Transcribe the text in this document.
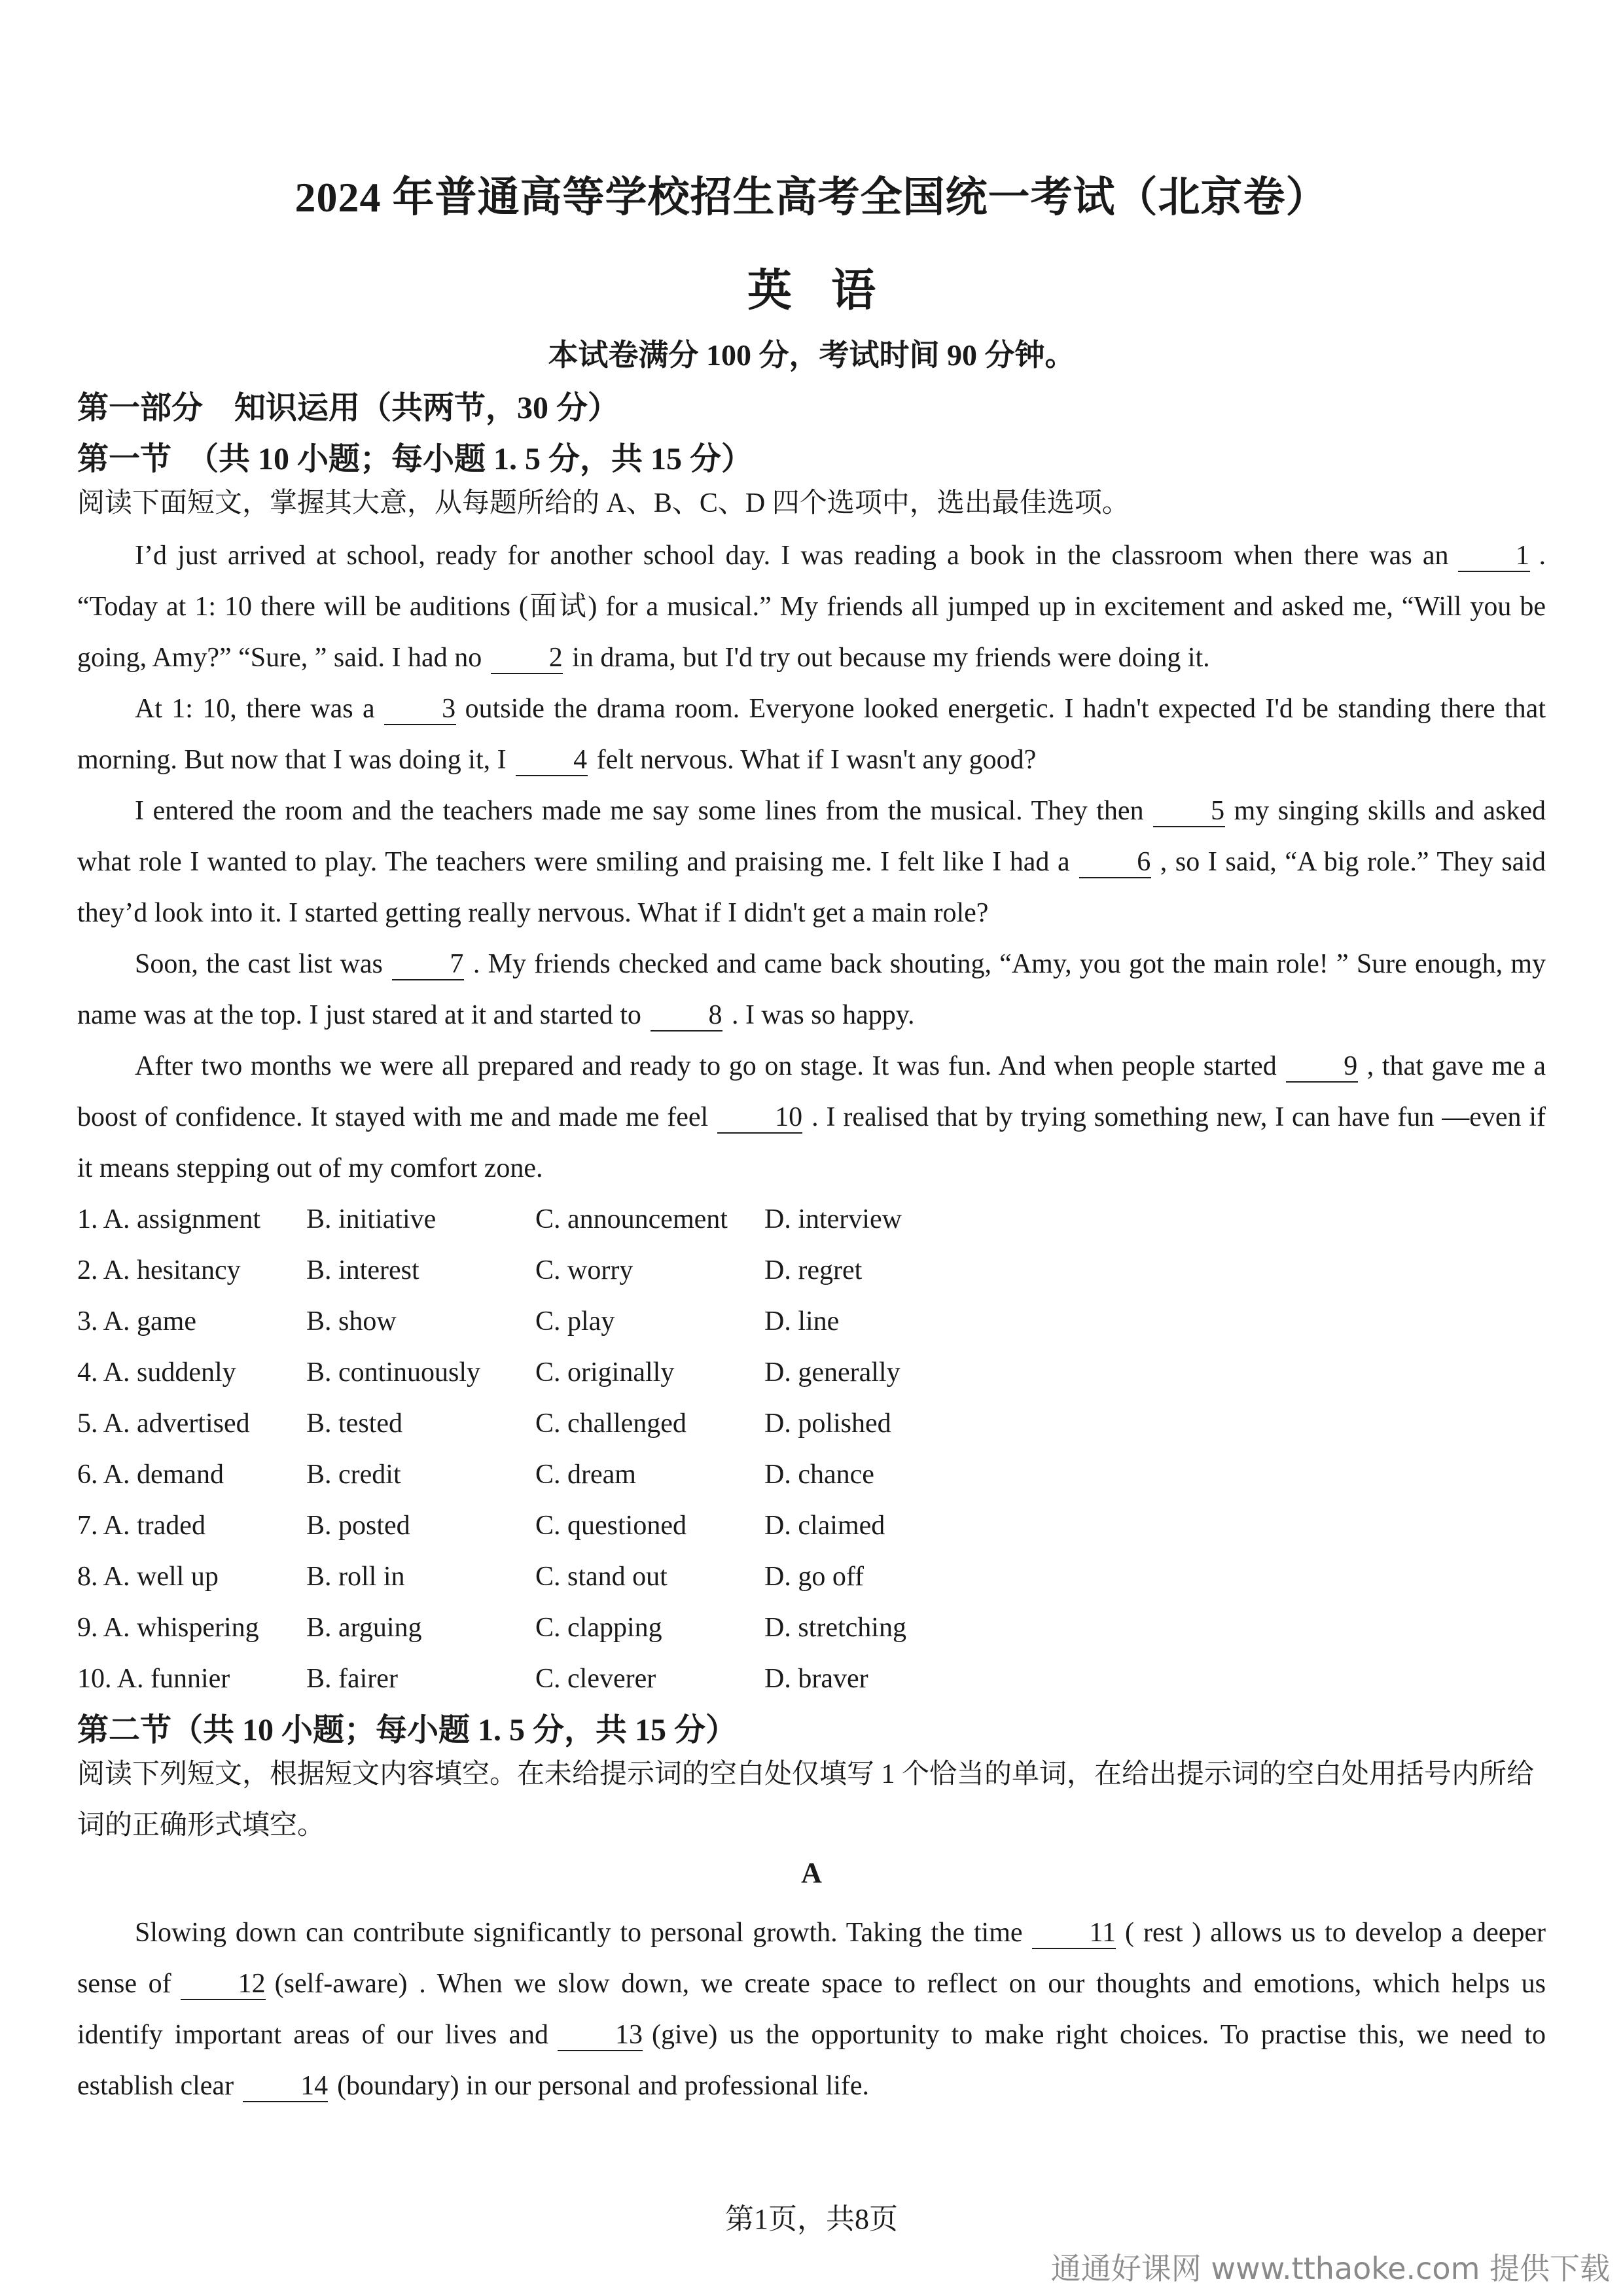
2024 年普通高等学校招生高考全国统一考试（北京卷）
英语
本试卷满分 100 分，考试时间 90 分钟。
第一部分　知识运用（共两节，30 分）
第一节　（共 10 小题；每小题 1. 5 分，共 15 分）
阅读下面短文，掌握其大意，从每题所给的 A、B、C、D 四个选项中，选出最佳选项。
I’d just arrived at school, ready for another school day. I was reading a book in the classroom when there was an 1 . “Today at 1: 10 there will be auditions (面试) for a musical.” My friends all jumped up in excitement and asked me, “Will you be going, Amy?” “Sure, ” said. I had no 2 in drama, but I'd try out because my friends were doing it.
At 1: 10, there was a 3 outside the drama room. Everyone looked energetic. I hadn't expected I'd be standing there that morning. But now that I was doing it, I 4 felt nervous. What if I wasn't any good?
I entered the room and the teachers made me say some lines from the musical. They then 5 my singing skills and asked what role I wanted to play. The teachers were smiling and praising me. I felt like I had a 6 , so I said, “A big role.” They said they’d look into it. I started getting really nervous. What if I didn't get a main role?
Soon, the cast list was 7 . My friends checked and came back shouting, “Amy, you got the main role! ” Sure enough, my name was at the top. I just stared at it and started to 8 . I was so happy.
After two months we were all prepared and ready to go on stage. It was fun. And when people started 9 , that gave me a boost of confidence. It stayed with me and made me feel 10 . I realised that by trying something new, I can have fun —even if it means stepping out of my comfort zone.
1. A. assignment B. initiative	C. announcement D. interview
2. A. hesitancy B. interest	C. worry	D. regret
3. A. game	B. show	C. play	D. line
4. A. suddenly	B. continuously C. originally	D. generally
5. A. advertised B. tested	C. challenged	D. polished
6. A. demand	B. credit	C. dream	D. chance
7. A. traded	B. posted	C. questioned	D. claimed
8. A. well up	B. roll in	C. stand out	D. go off
9. A. whispering B. arguing	C. clapping	D. stretching
10. A. funnier	B. fairer	C. cleverer	D. braver
第二节（共 10 小题；每小题 1. 5 分，共 15 分）
阅读下列短文，根据短文内容填空。在未给提示词的空白处仅填写 1 个恰当的单词，在给出提示词的空白处用括号内所给词的正确形式填空。
A
Slowing down can contribute significantly to personal growth. Taking the time 11 ( rest ) allows us to develop a deeper sense of 12 (self-aware) . When we slow down, we create space to reflect on our thoughts and emotions, which helps us identify important areas of our lives and 13 (give) us the opportunity to make right choices. To practise this, we need to establish clear 14 (boundary) in our personal and professional life.
第1页，共8页
通通好课网 www.tthaoke.com 提供下载
